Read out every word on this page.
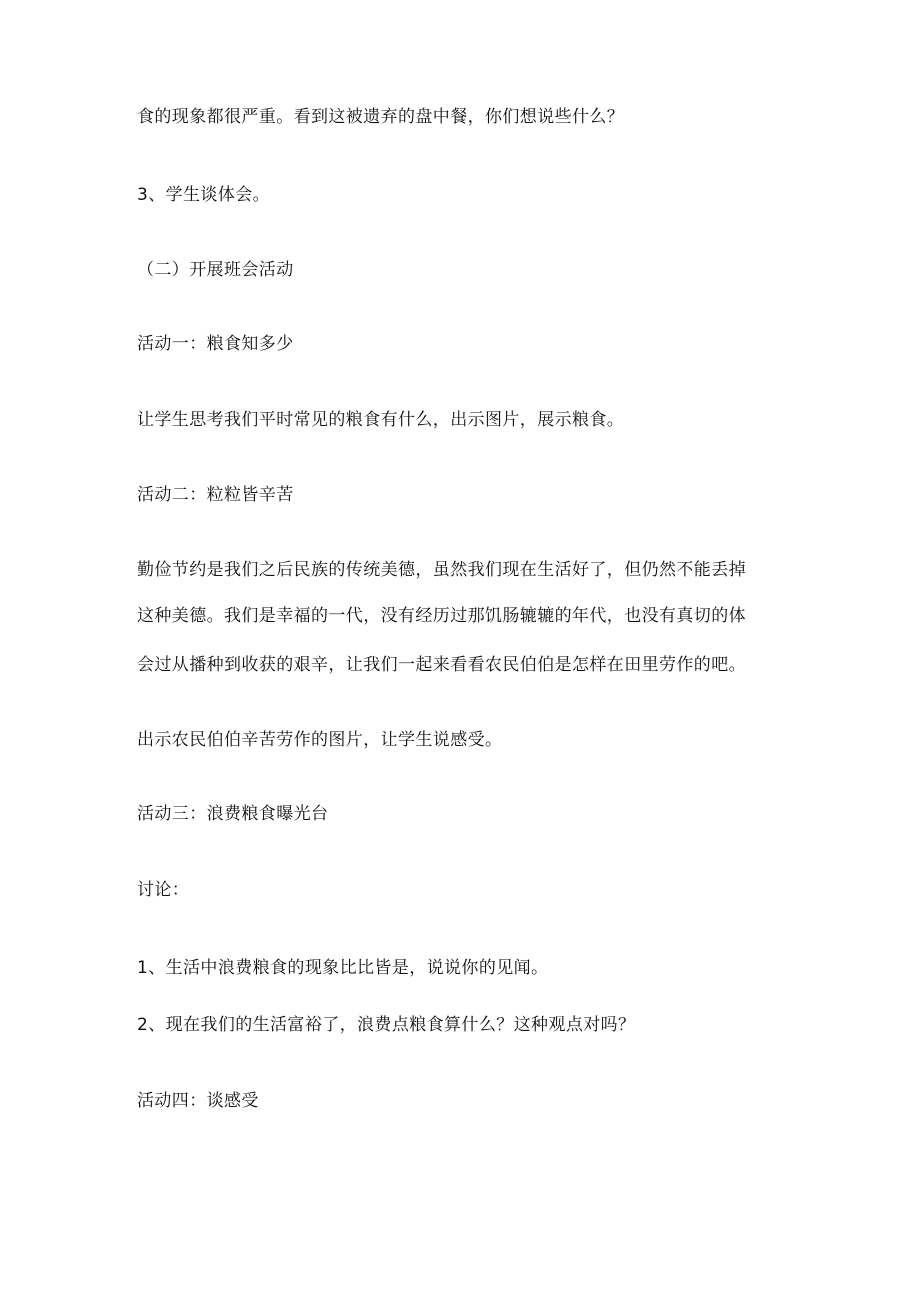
食的现象都很严重。看到这被遗弃的盘中餐，你们想说些什么？
3、学生谈体会。
（二）开展班会活动
活动一：粮食知多少
让学生思考我们平时常见的粮食有什么，出示图片，展示粮食。
活动二：粒粒皆辛苦
勤俭节约是我们之后民族的传统美德，虽然我们现在生活好了，但仍然不能丢掉
这种美德。我们是幸福的一代，没有经历过那饥肠辘辘的年代，也没有真切的体
会过从播种到收获的艰辛，让我们一起来看看农民伯伯是怎样在田里劳作的吧。
出示农民伯伯辛苦劳作的图片，让学生说感受。
活动三：浪费粮食曝光台
讨论：
1、生活中浪费粮食的现象比比皆是，说说你的见闻。
2、现在我们的生活富裕了，浪费点粮食算什么？这种观点对吗？
活动四：谈感受
